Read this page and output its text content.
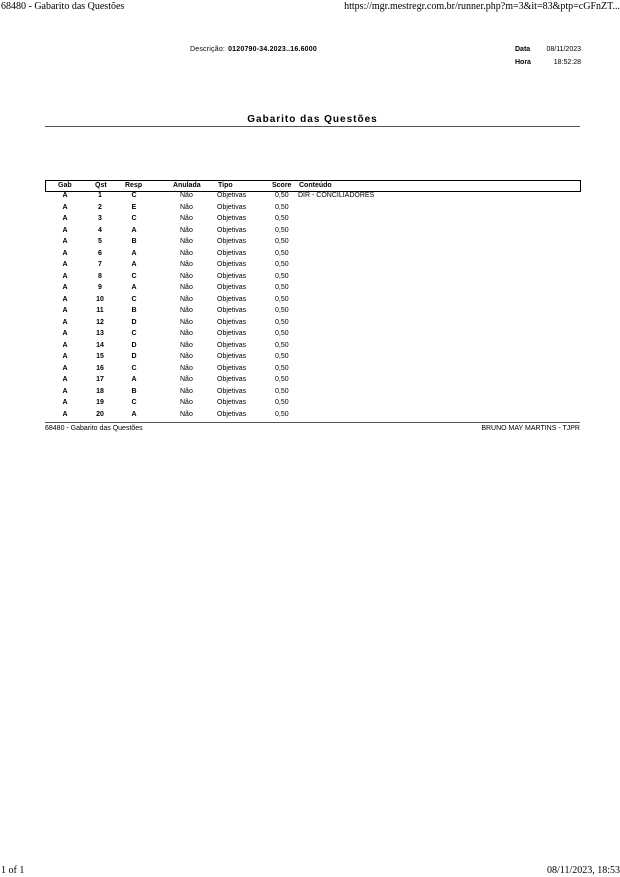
68480 - Gabarito das Questões	https://mgr.mestregr.com.br/runner.php?m=3&it=83&ptp=cGFnZT...
Descrição: 0120790-34.2023..16.6000	Data 08/11/2023
Hora	18:52:28
Gabarito das Questões
Gab	Qst	Resp	Anulada Tipo	Score Conteúdo
A	1	C	Não	Objetivas	0,50 DIR - CONCILIADORES
A	2	E	Não	Objetivas	0,50
A	3	C	Não	Objetivas	0,50
A	4	A	Não	Objetivas	0,50
A	5	B	Não	Objetivas	0,50
A	6	A	Não	Objetivas	0,50
A	7	A	Não	Objetivas	0,50
A	8	C	Não	Objetivas	0,50
A	9	A	Não	Objetivas	0,50
A	10	C	Não	Objetivas	0,50
A	11	B	Não	Objetivas	0,50
A	12	D	Não	Objetivas	0,50
A	13	C	Não	Objetivas	0,50
A	14	D	Não	Objetivas	0,50
A	15	D	Não	Objetivas	0,50
A	16	C	Não	Objetivas	0,50
A	17	A	Não	Objetivas	0,50
A	18	B	Não	Objetivas	0,50
A	19	C	Não	Objetivas	0,50
A	20	A	Não	Objetivas	0,50
68480 - Gabarito das Questões	BRUNO MAY MARTINS - TJPR
1 of 1	08/11/2023, 18:53
